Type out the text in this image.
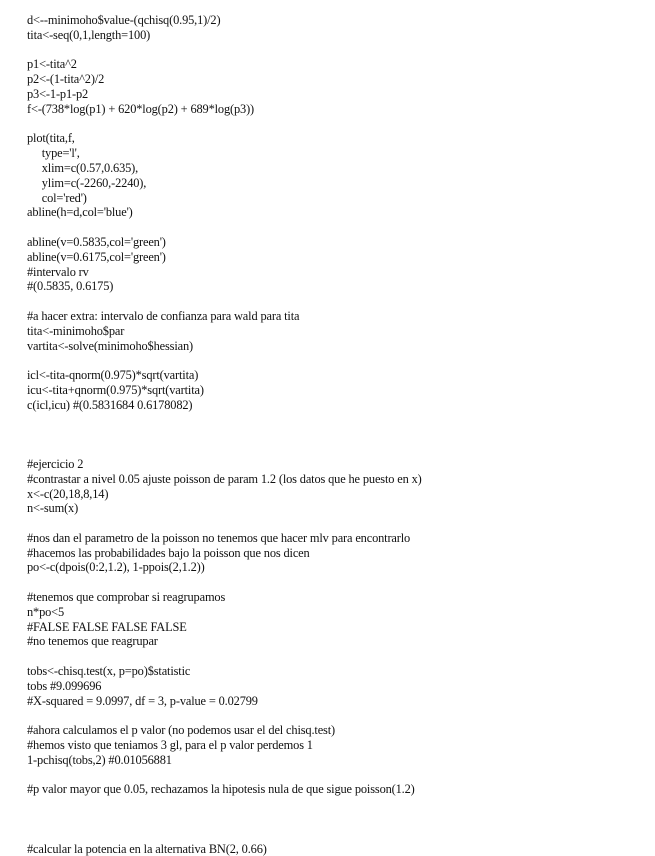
d<--minimoho$value-(qchisq(0.95,1)/2)
tita<-seq(0,1,length=100)
p1<-tita^2
p2<-(1-tita^2)/2
p3<-1-p1-p2
f<-(738*log(p1) + 620*log(p2) + 689*log(p3))
plot(tita,f,
type='l',
xlim=c(0.57,0.635),
ylim=c(-2260,-2240),
col='red')
abline(h=d,col='blue')
abline(v=0.5835,col='green')
abline(v=0.6175,col='green')
#intervalo rv
#(0.5835, 0.6175)
#a hacer extra: intervalo de confianza para wald para tita
tita<-minimoho$par
vartita<-solve(minimoho$hessian)
icl<-tita-qnorm(0.975)*sqrt(vartita)
icu<-tita+qnorm(0.975)*sqrt(vartita)
c(icl,icu) #(0.5831684 0.6178082)
#ejercicio 2
#contrastar a nivel 0.05 ajuste poisson de param 1.2 (los datos que he puesto en x)
x<-c(20,18,8,14)
n<-sum(x)
#nos dan el parametro de la poisson no tenemos que hacer mlv para encontrarlo
#hacemos las probabilidades bajo la poisson que nos dicen
po<-c(dpois(0:2,1.2), 1-ppois(2,1.2))
#tenemos que comprobar si reagrupamos
n*po<5
#FALSE FALSE FALSE FALSE
#no tenemos que reagrupar
tobs<-chisq.test(x, p=po)$statistic
tobs #9.099696
#X-squared = 9.0997, df = 3, p-value = 0.02799
#ahora calculamos el p valor (no podemos usar el del chisq.test)
#hemos visto que teniamos 3 gl, para el p valor perdemos 1
1-pchisq(tobs,2) #0.01056881
#p valor mayor que 0.05, rechazamos la hipotesis nula de que sigue poisson(1.2)
#calcular la potencia en la alternativa BN(2, 0.66)
